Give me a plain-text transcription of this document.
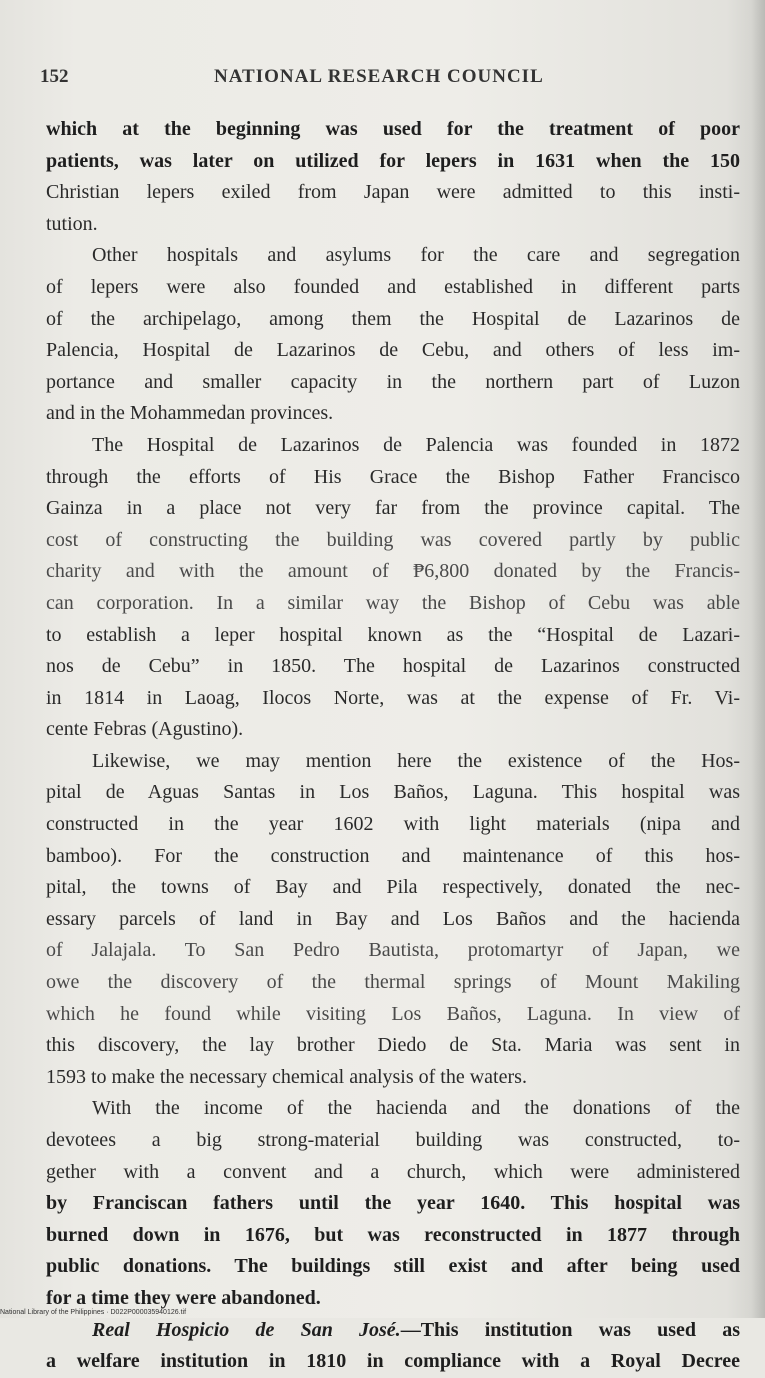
152	NATIONAL RESEARCH COUNCIL
which at the beginning was used for the treatment of poor
patients, was later on utilized for lepers in 1631 when the 150
Christian lepers exiled from Japan were admitted to this insti-
tution.
Other hospitals and asylums for the care and segregation
of lepers were also founded and established in different parts
of the archipelago, among them the Hospital de Lazarinos de
Palencia, Hospital de Lazarinos de Cebu, and others of less im-
portance and smaller capacity in the northern part of Luzon
and in the Mohammedan provinces.
The Hospital de Lazarinos de Palencia was founded in 1872
through the efforts of His Grace the Bishop Father Francisco
Gainza in a place not very far from the province capital. The
cost of constructing the building was covered partly by public
charity and with the amount of ₱6,800 donated by the Francis-
can corporation. In a similar way the Bishop of Cebu was able
to establish a leper hospital known as the “Hospital de Lazari-
nos de Cebu” in 1850. The hospital de Lazarinos constructed
in 1814 in Laoag, Ilocos Norte, was at the expense of Fr. Vi-
cente Febras (Agustino).
Likewise, we may mention here the existence of the Hos-
pital de Aguas Santas in Los Baños, Laguna. This hospital was
constructed in the year 1602 with light materials (nipa and
bamboo). For the construction and maintenance of this hos-
pital, the towns of Bay and Pila respectively, donated the nec-
essary parcels of land in Bay and Los Baños and the hacienda
of Jalajala. To San Pedro Bautista, protomartyr of Japan, we
owe the discovery of the thermal springs of Mount Makiling
which he found while visiting Los Baños, Laguna. In view of
this discovery, the lay brother Diedo de Sta. Maria was sent in
1593 to make the necessary chemical analysis of the waters.
With the income of the hacienda and the donations of the
devotees a big strong-material building was constructed, to-
gether with a convent and a church, which were administered
by Franciscan fathers until the year 1640. This hospital was
burned down in 1676, but was reconstructed in 1877 through
public donations. The buildings still exist and after being used
for a time they were abandoned.
Real Hospicio de San José.—This institution was used as
a welfare institution in 1810 in compliance with a Royal Decree
National Library of the Philippines · D022P000035940126.tif
